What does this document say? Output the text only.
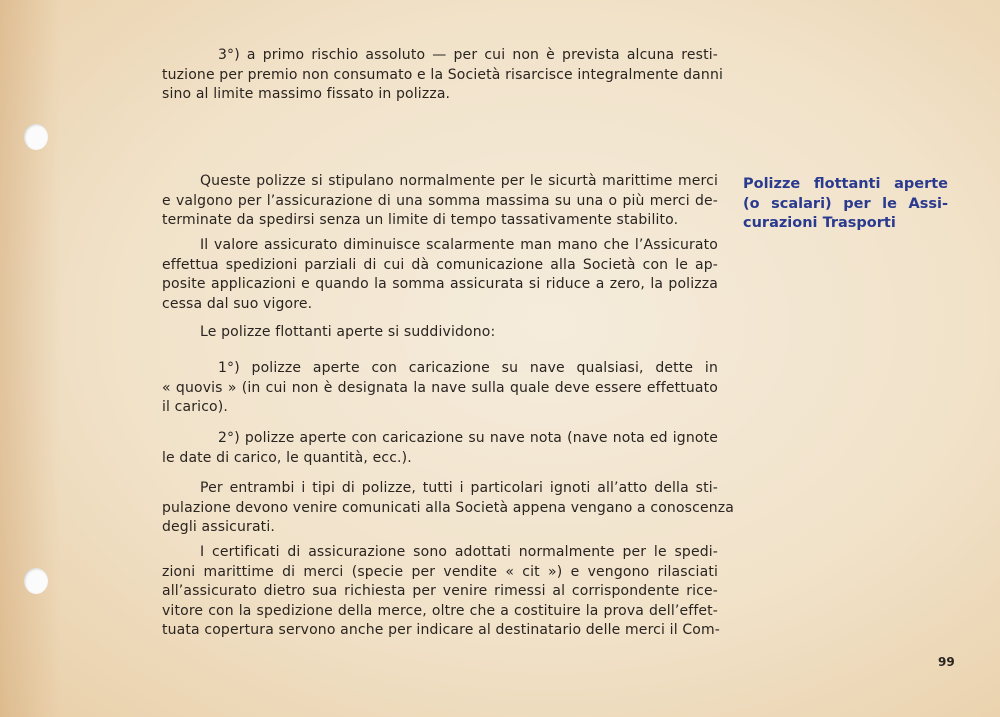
3°) a primo rischio assoluto — per cui non è prevista alcuna resti-
tuzione per premio non consumato e la Società risarcisce integralmente danni
sino al limite massimo fissato in polizza.
Queste polizze si stipulano normalmente per le sicurtà marittime merci
e valgono per l’assicurazione di una somma massima su una o più merci de-
terminate da spedirsi senza un limite di tempo tassativamente stabilito.
Il valore assicurato diminuisce scalarmente man mano che l’Assicurato
effettua spedizioni parziali di cui dà comunicazione alla Società con le ap-
posite applicazioni e quando la somma assicurata si riduce a zero, la polizza
cessa dal suo vigore.
Le polizze flottanti aperte si suddividono:
1°) polizze aperte con caricazione su nave qualsiasi, dette in
« quovis » (in cui non è designata la nave sulla quale deve essere effettuato
il carico).
2°) polizze aperte con caricazione su nave nota (nave nota ed ignote
le date di carico, le quantità, ecc.).
Per entrambi i tipi di polizze, tutti i particolari ignoti all’atto della sti-
pulazione devono venire comunicati alla Società appena vengano a conoscenza
degli assicurati.
I certificati di assicurazione sono adottati normalmente per le spedi-
zioni marittime di merci (specie per vendite « cit ») e vengono rilasciati
all’assicurato dietro sua richiesta per venire rimessi al corrispondente rice-
vitore con la spedizione della merce, oltre che a costituire la prova dell’effet-
tuata copertura servono anche per indicare al destinatario delle merci il Com-
Polizze flottanti aperte
(o scalari) per le Assi-
curazioni Trasporti
99
